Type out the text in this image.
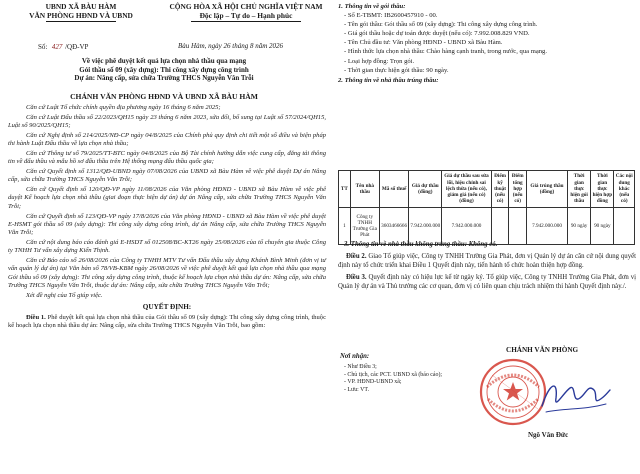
UBND XÃ BÀU HÀM
VĂN PHÒNG HĐND VÀ UBND
CỘNG HÒA XÃ HỘI CHỦ NGHĨA VIỆT NAM
Độc lập – Tự do – Hạnh phúc
Số: 427 /QĐ-VP	Bàu Hàm, ngày 26 tháng 8 năm 2026
Về việc phê duyệt kết quả lựa chọn nhà thầu qua mạng
Gói thầu số 09 (xây dựng): Thi công xây dựng công trình
Dự án: Nâng cấp, sửa chữa Trường THCS Nguyễn Văn Trỗi
CHÁNH VĂN PHÒNG HĐND VÀ UBND XÃ BÀU HÀM

Căn cứ Luật Tổ chức chính quyền địa phương ngày 16 tháng 6 năm 2025;

Căn cứ Luật Đấu thầu số 22/2023/QH15 ngày 23 tháng 6 năm 2023, sửa đổi, bổ sung tại Luật số 57/2024/QH15, Luật số 90/2025/QH15;

Căn cứ Nghị định số 214/2025/NĐ-CP ngày 04/8/2025 của Chính phủ quy định chi tiết một số điều và biện pháp thi hành Luật Đấu thầu về lựa chọn nhà thầu;

Căn cứ Thông tư số 79/2025/TT-BTC ngày 04/8/2025 của Bộ Tài chính hướng dẫn việc cung cấp, đăng tải thông tin về đấu thầu và mẫu hồ sơ đấu thầu trên Hệ thống mạng đấu thầu quốc gia;

Căn cứ Quyết định số 1312/QĐ-UBND ngày 07/08/2026 của UBND xã Bàu Hàm về việc phê duyệt Dự án Nâng cấp, sửa chữa Trường THCS Nguyễn Văn Trỗi;

Căn cứ Quyết định số 120/QĐ-VP ngày 11/08/2026 của Văn phòng HĐND - UBND xã Bàu Hàm về việc phê duyệt Kế hoạch lựa chọn nhà thầu (giai đoạn thực hiện dự án) dự án Nâng cấp, sửa chữa Trường THCS Nguyễn Văn Trỗi;

Căn cứ Quyết định số 123/QĐ-VP ngày 17/8/2026 của Văn phòng HĐND - UBND xã Bàu Hàm về việc phê duyệt E-HSMT gói thầu số 09 (xây dựng): Thi công xây dựng công trình, dự án Nâng cấp, sửa chữa Trường THCS Nguyễn Văn Trỗi;

Căn cứ nội dung báo cáo đánh giá E-HSDT số 012508/BC-KT26 ngày 25/08/2026 của tổ chuyên gia thuộc Công ty TNHH Tư vấn xây dựng Kiến Thịnh.

Căn cứ Báo cáo số 26/08/2026 của Công ty TNHH MTV Tư vấn Đấu thầu xây dựng Khánh Bình Minh (đơn vị tư vấn quản lý dự án) tại Văn bản số 78/VB-KBM ngày 26/08/2026 về việc phê duyệt kết quả lựa chọn nhà thầu qua mạng Gói thầu số 09 (xây dựng): Thi công xây dựng công trình, thuộc kế hoạch lựa chọn nhà thầu dự án: Nâng cấp, sửa chữa Trường THCS Nguyễn Văn Trỗi, thuộc dự án: Nâng cấp, sửa chữa Trường THCS Nguyễn Văn Trỗi;

Xét đề nghị của Tổ giúp việc.

QUYẾT ĐỊNH:

Điều 1. Phê duyệt kết quả lựa chọn nhà thầu của Gói thầu số 09 (xây dựng): Thi công xây dựng công trình, thuộc kế hoạch lựa chọn nhà thầu dự án: Nâng cấp, sửa chữa Trường THCS Nguyễn Văn Trỗi, bao gồm:

1. Thông tin về gói thầu:
- Số E-TBMT: IB2600457910 - 00.
- Tên gói thầu: Gói thầu số 09 (xây dựng): Thi công xây dựng công trình.
- Giá gói thầu hoặc dự toán được duyệt (nếu có): 7.992.008.829 VND.
- Tên Chủ đầu tư: Văn phòng HĐND - UBND xã Bàu Hàm.
- Hình thức lựa chọn nhà thầu: Chào hàng cạnh tranh, trong nước, qua mạng.
- Loại hợp đồng: Trọn gói.
- Thời gian thực hiện gói thầu: 90 ngày.
2. Thông tin về nhà thầu trúng thầu:
TT	Tên nhà thầu	Mã số thuế	Giá dự thầu (đồng)	Giá dự thầu sau sửa lỗi, hiệu chỉnh sai lệch thừa (nếu có), giảm giá (nếu có) (đồng)	Điểm kỹ thuật (nếu có)	Điểm tổng hợp (nếu có)	Giá trúng thầu (đồng)	Thời gian thực hiện gói thầu	Thời gian thực hiện hợp đồng	Các nội dung khác (nếu có)
1	Công ty TNHH Trường Gia Phát	3603466666	7.942.000.000	7.942.000.000			7.942.000.000	90 ngày	90 ngày	

3. Thông tin về nhà thầu không trúng thầu: Không có.

Điều 2. Giao Tổ giúp việc, Công ty TNHH Trường Gia Phát, đơn vị Quản lý dự án căn cứ nội dung quyết định này tổ chức triển khai Điều 1 Quyết định này, tiến hành tổ chức hoàn thiện hợp đồng.

Điều 3. Quyết định này có hiệu lực kể từ ngày ký. Tổ giúp việc, Công ty TNHH Trường Gia Phát, đơn vị Quản lý dự án và Thủ trưởng các cơ quan, đơn vị có liên quan chịu trách nhiệm thi hành Quyết định này./.

Nơi nhận:
- Như Điều 3;
- Chủ tịch, các PCT. UBND xã (báo cáo);
- VP. HĐND-UBND xã;
- Lưu: VT.
CHÁNH VĂN PHÒNG
Ngô Văn Đức
